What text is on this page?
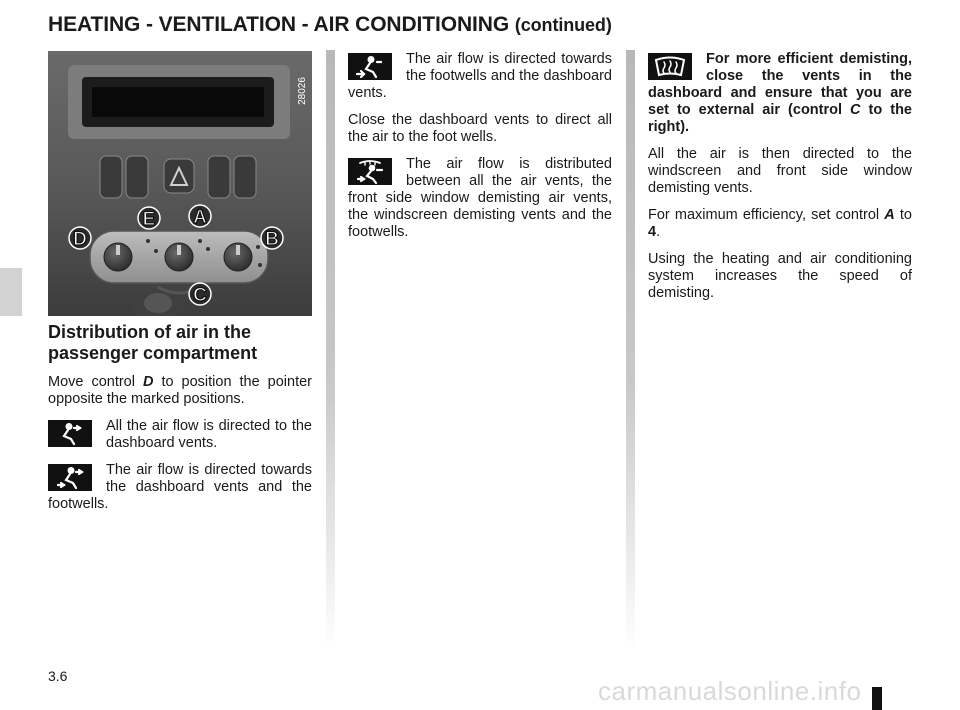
HEATING - VENTILATION - AIR CONDITIONING (continued)
E A
D	B
C
28026
Distribution of air in the passenger compartment

Move control D to position the pointer opposite the marked positions.

All the air flow is directed to the dashboard vents.

The air flow is directed towards the dashboard vents and the footwells.

The air flow is directed towards the footwells and the dashboard vents.

Close the dashboard vents to direct all the air to the foot wells.

The air flow is distributed between all the air vents, the front side window demisting air vents, the windscreen demisting vents and the footwells.

For more efficient demisting, close the vents in the dashboard and ensure that you are set to external air (control C to the right).

All the air is then directed to the windscreen and front side window demisting vents.

For maximum efficiency, set control A to 4.

Using the heating and air conditioning system increases the speed of demisting.

3.6	carmanualsonline.info
